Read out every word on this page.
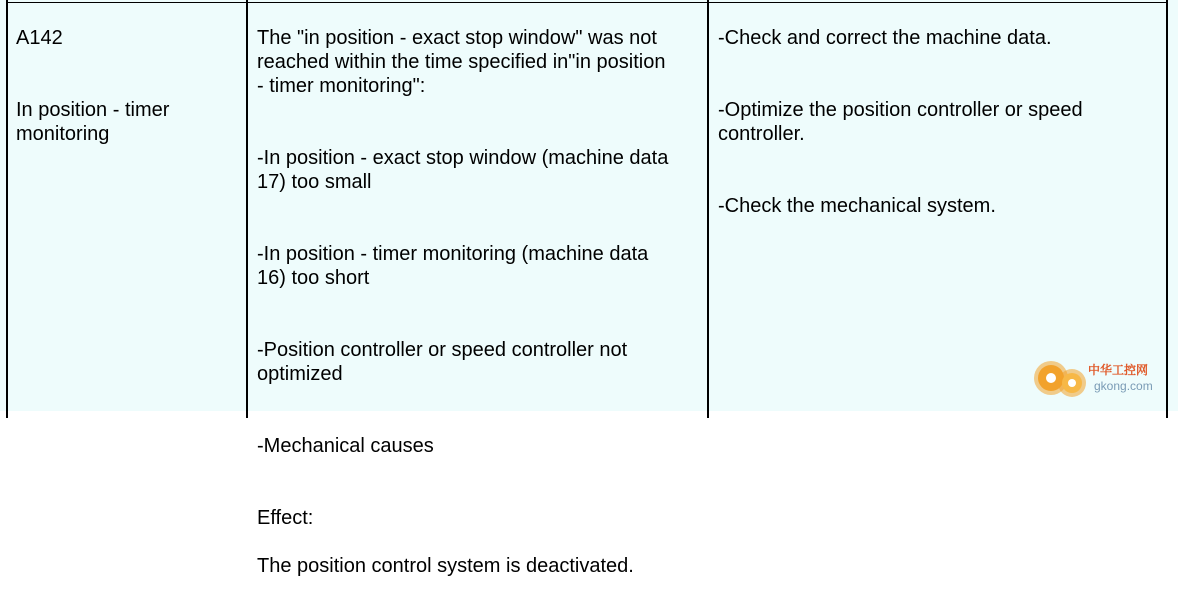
A142

In position - timer
monitoring

The "in position - exact stop window" was not
reached within the time specified in"in position
- timer monitoring":

-In position - exact stop window (machine data
17) too small

-In position - timer monitoring (machine data
16) too short

-Position controller or speed controller not
optimized

-Mechanical causes

Effect:

The position control system is deactivated.

-Check and correct the machine data.

-Optimize the position controller or speed
controller.

-Check the mechanical system.

中华工控网
gkong.com
